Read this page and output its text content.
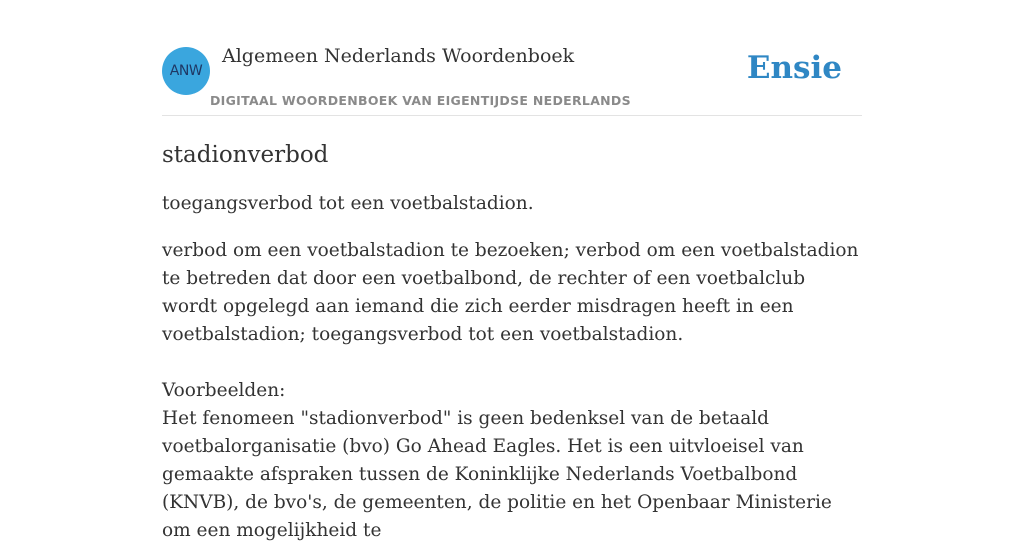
ANW
Algemeen Nederlands Woordenboek
DIGITAAL WOORDENBOEK VAN EIGENTIJDSE NEDERLANDS
Ensie
stadionverbod

toegangsverbod tot een voetbalstadion.

verbod om een voetbalstadion te bezoeken; verbod om een voetbalstadion te betreden dat door een voetbalbond, de rechter of een voetbalclub wordt opgelegd aan iemand die zich eerder misdragen heeft in een voetbalstadion; toegangsverbod tot een voetbalstadion.

Voorbeelden:

Het fenomeen "stadionverbod" is geen bedenksel van de betaald voetbalorganisatie (bvo) Go Ahead Eagles. Het is een uitvloeisel van gemaakte afspraken tussen de Koninklijke Nederlands Voetbalbond (KNVB), de bvo's, de gemeenten, de politie en het Openbaar Ministerie om een mogelijkheid te
